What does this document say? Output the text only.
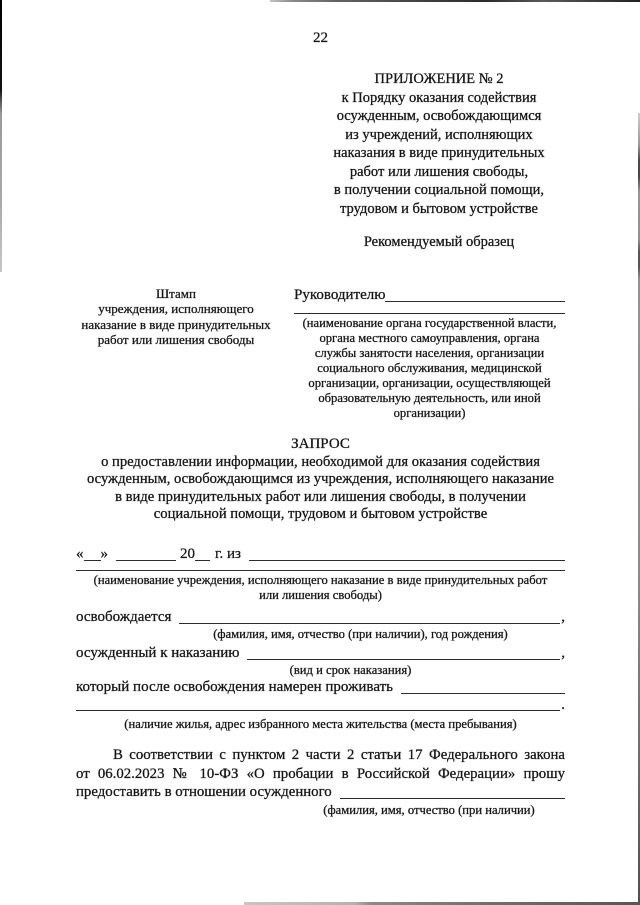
22
ПРИЛОЖЕНИЕ № 2
к Порядку оказания содействия
осужденным, освобождающимся
из учреждений, исполняющих
наказания в виде принудительных
работ или лишения свободы,
в получении социальной помощи,
трудовом и бытовом устройстве
Рекомендуемый образец
Штамп
учреждения, исполняющего
наказание в виде принудительных
работ или лишения свободы
Руководителю
(наименование органа государственной власти,
органа местного самоуправления, органа
службы занятости населения, организации
социального обслуживания, медицинской
организации, организации, осуществляющей
образовательную деятельность, или иной
организации)
ЗАПРОС
о предоставлении информации, необходимой для оказания содействия
осужденным, освобождающимся из учреждения, исполняющего наказание
в виде принудительных работ или лишения свободы, в получении
социальной помощи, трудовом и бытовом устройстве
« »	20 г. из
(наименование учреждения, исполняющего наказание в виде принудительных работ
или лишения свободы)
освобождается	,
(фамилия, имя, отчество (при наличии), год рождения)
осужденный к наказанию	,
(вид и срок наказания)
который после освобождения намерен проживать
.
(наличие жилья, адрес избранного места жительства (места пребывания)
В соответствии с пунктом 2 части 2 статьи 17 Федерального закона
от 06.02.2023 № 10-ФЗ «О пробации в Российской Федерации» прошу
предоставить в отношении осужденного
(фамилия, имя, отчество (при наличии)
